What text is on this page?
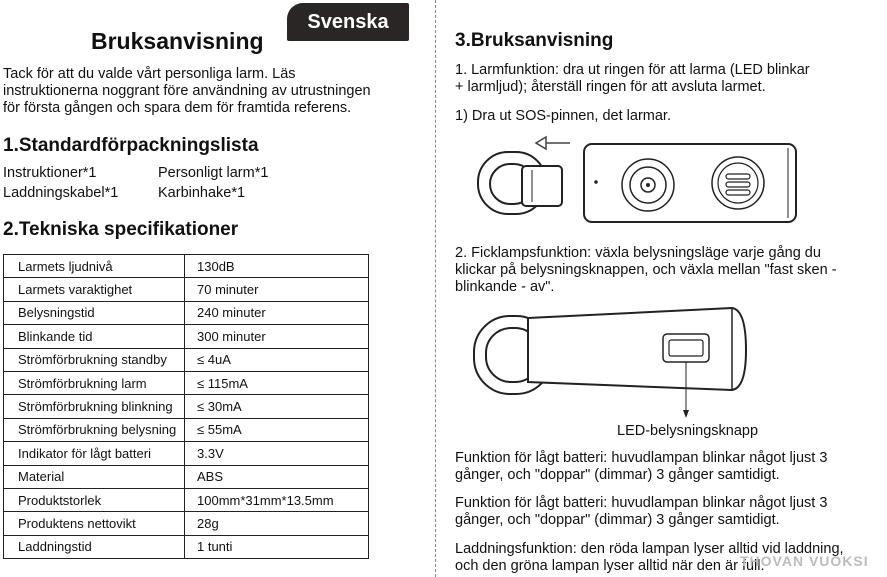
Svenska
Bruksanvisning
Tack för att du valde vårt personliga larm. Läs
instruktionerna noggrant före användning av utrustningen
för första gången och spara dem för framtida referens.
1.Standardförpackningslista
Instruktioner*1	Personligt larm*1
Laddningskabel*1	Karbinhake*1
2.Tekniska specifikationer
Larmets ljudnivå	130dB
Larmets varaktighet	70 minuter
Belysningstid	240 minuter
Blinkande tid	300 minuter
Strömförbrukning standby	≤ 4uA
Strömförbrukning larm	≤ 115mA
Strömförbrukning blinkning	≤ 30mA
Strömförbrukning belysning	≤ 55mA
Indikator för lågt batteri	3.3V
Material	ABS
Produktstorlek	100mm*31mm*13.5mm
Produktens nettovikt	28g
Laddningstid	1 tunti
3.Bruksanvisning
1. Larmfunktion: dra ut ringen för att larma (LED blinkar
+ larmljud); återställ ringen för att avsluta larmet.
1) Dra ut SOS-pinnen, det larmar.
2. Ficklampsfunktion: växla belysningsläge varje gång du
klickar på belysningsknappen, och växla mellan "fast sken -
blinkande - av".
LED-belysningsknapp
Funktion för lågt batteri: huvudlampan blinkar något ljust 3
gånger, och "doppar" (dimmar) 3 gånger samtidigt.
Funktion för lågt batteri: huvudlampan blinkar något ljust 3
gånger, och "doppar" (dimmar) 3 gånger samtidigt.
Laddningsfunktion: den röda lampan lyser alltid vid laddning,
och den gröna lampan lyser alltid när den är full.
THOVAN VUOKSI
